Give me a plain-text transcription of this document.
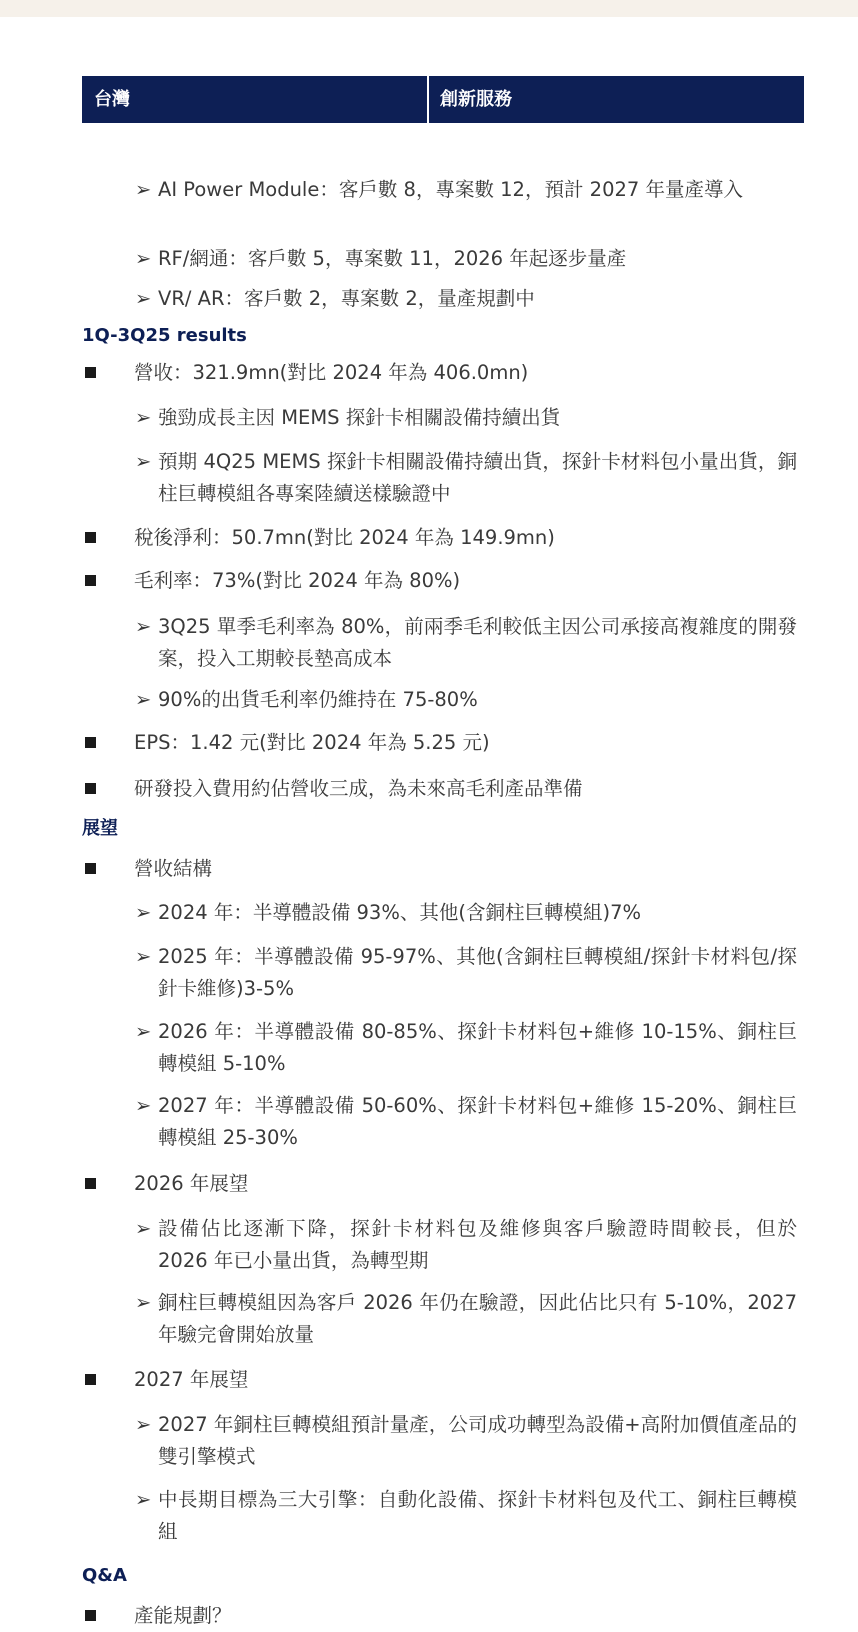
台灣	創新服務
➢ AI Power Module：客戶數 8，專案數 12，預計 2027 年量產導入
➢ RF/網通：客戶數 5，專案數 11，2026 年起逐步量產
➢ VR/ AR：客戶數 2，專案數 2，量產規劃中
1Q-3Q25 results
營收：321.9mn(對比 2024 年為 406.0mn)
➢ 強勁成長主因 MEMS 探針卡相關設備持續出貨
➢ 預期 4Q25 MEMS 探針卡相關設備持續出貨，探針卡材料包小量出貨，銅柱巨轉模組各專案陸續送樣驗證中
稅後淨利：50.7mn(對比 2024 年為 149.9mn)
毛利率：73%(對比 2024 年為 80%)
➢ 3Q25 單季毛利率為 80%，前兩季毛利較低主因公司承接高複雜度的開發案，投入工期較長墊高成本
➢ 90%的出貨毛利率仍維持在 75-80%
EPS：1.42 元(對比 2024 年為 5.25 元)
研發投入費用約佔營收三成，為未來高毛利產品準備
展望
營收結構
➢ 2024 年：半導體設備 93%、其他(含銅柱巨轉模組)7%
➢ 2025 年：半導體設備 95-97%、其他(含銅柱巨轉模組/探針卡材料包/探針卡維修)3-5%
➢ 2026 年：半導體設備 80-85%、探針卡材料包+維修 10-15%、銅柱巨轉模組 5-10%
➢ 2027 年：半導體設備 50-60%、探針卡材料包+維修 15-20%、銅柱巨轉模組 25-30%
2026 年展望
➢ 設備佔比逐漸下降，探針卡材料包及維修與客戶驗證時間較長，但於 2026 年已小量出貨，為轉型期
➢ 銅柱巨轉模組因為客戶 2026 年仍在驗證，因此佔比只有 5-10%，2027 年驗完會開始放量
2027 年展望
➢ 2027 年銅柱巨轉模組預計量產，公司成功轉型為設備+高附加價值產品的雙引擎模式
➢ 中長期目標為三大引擎：自動化設備、探針卡材料包及代工、銅柱巨轉模組
Q&A
產能規劃？
